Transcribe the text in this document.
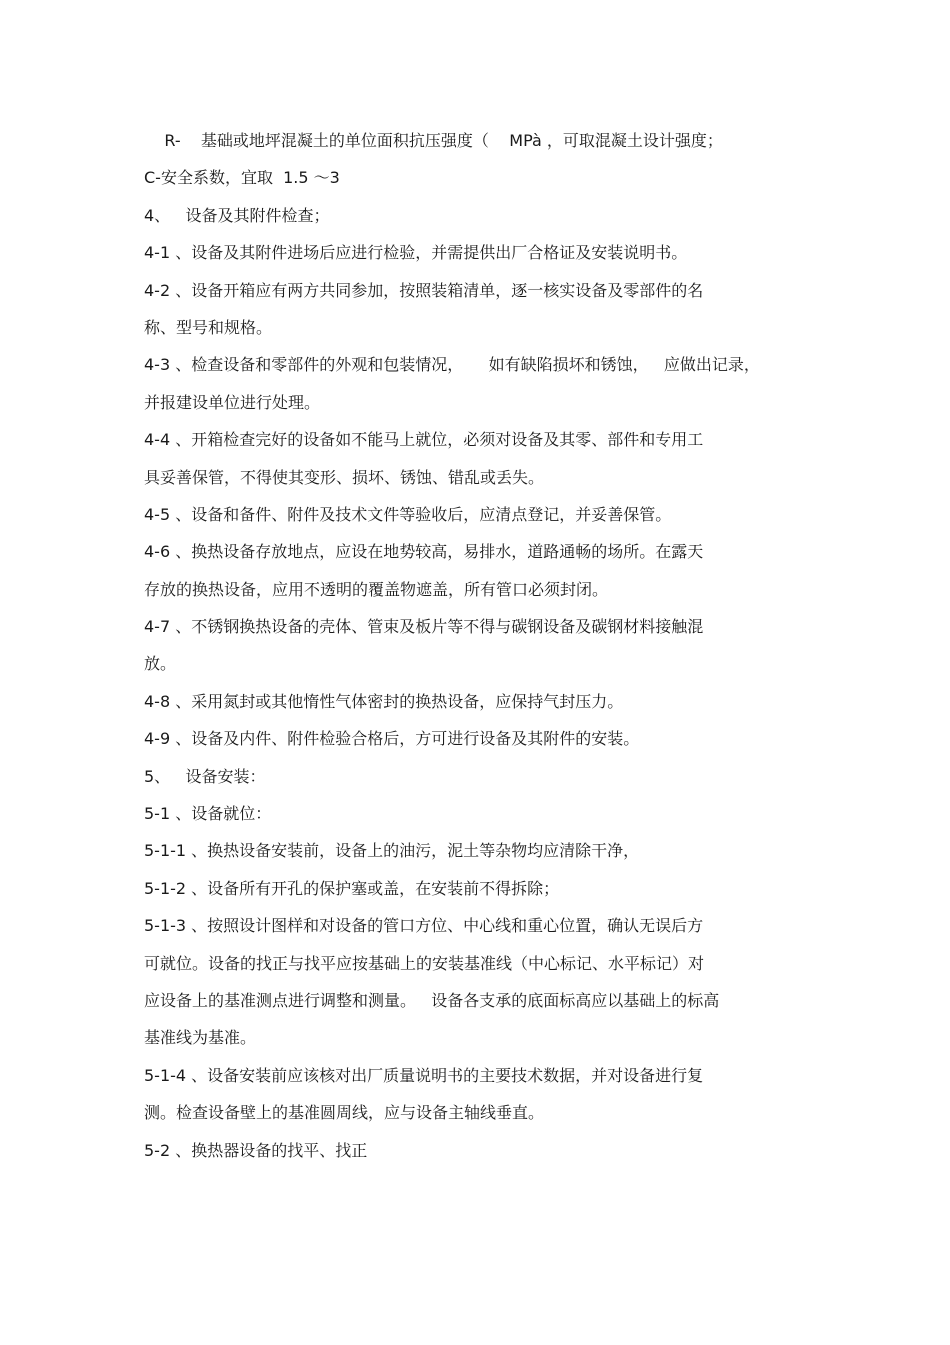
R-    基础或地坪混凝土的单位面积抗压强度（    MPà ，可取混凝土设计强度；
C-安全系数，宜取  1.5 ～3
4、   设备及其附件检查；
4-1 、设备及其附件进场后应进行检验，并需提供出厂合格证及安装说明书。
4-2 、设备开箱应有两方共同参加，按照装箱清单，逐一核实设备及零部件的名
称、型号和规格。
4-3 、检查设备和零部件的外观和包装情况，     如有缺陷损坏和锈蚀，   应做出记录，
并报建设单位进行处理。
4-4 、开箱检查完好的设备如不能马上就位，必须对设备及其零、部件和专用工
具妥善保管，不得使其变形、损坏、锈蚀、错乱或丢失。
4-5 、设备和备件、附件及技术文件等验收后，应清点登记，并妥善保管。
4-6 、换热设备存放地点，应设在地势较高，易排水，道路通畅的场所。在露天
存放的换热设备，应用不透明的覆盖物遮盖，所有管口必须封闭。
4-7 、不锈钢换热设备的壳体、管束及板片等不得与碳钢设备及碳钢材料接触混
放。
4-8 、采用氮封或其他惰性气体密封的换热设备，应保持气封压力。
4-9 、设备及内件、附件检验合格后，方可进行设备及其附件的安装。
5、   设备安装：
5-1 、设备就位：
5-1-1 、换热设备安装前，设备上的油污，泥土等杂物均应清除干净，
5-1-2 、设备所有开孔的保护塞或盖，在安装前不得拆除；
5-1-3 、按照设计图样和对设备的管口方位、中心线和重心位置，确认无误后方
可就位。设备的找正与找平应按基础上的安装基准线（中心标记、水平标记）对
应设备上的基准测点进行调整和测量。   设备各支承的底面标高应以基础上的标高
基准线为基准。
5-1-4 、设备安装前应该核对出厂质量说明书的主要技术数据，并对设备进行复
测。检查设备壁上的基准圆周线，应与设备主轴线垂直。
5-2 、换热器设备的找平、找正
